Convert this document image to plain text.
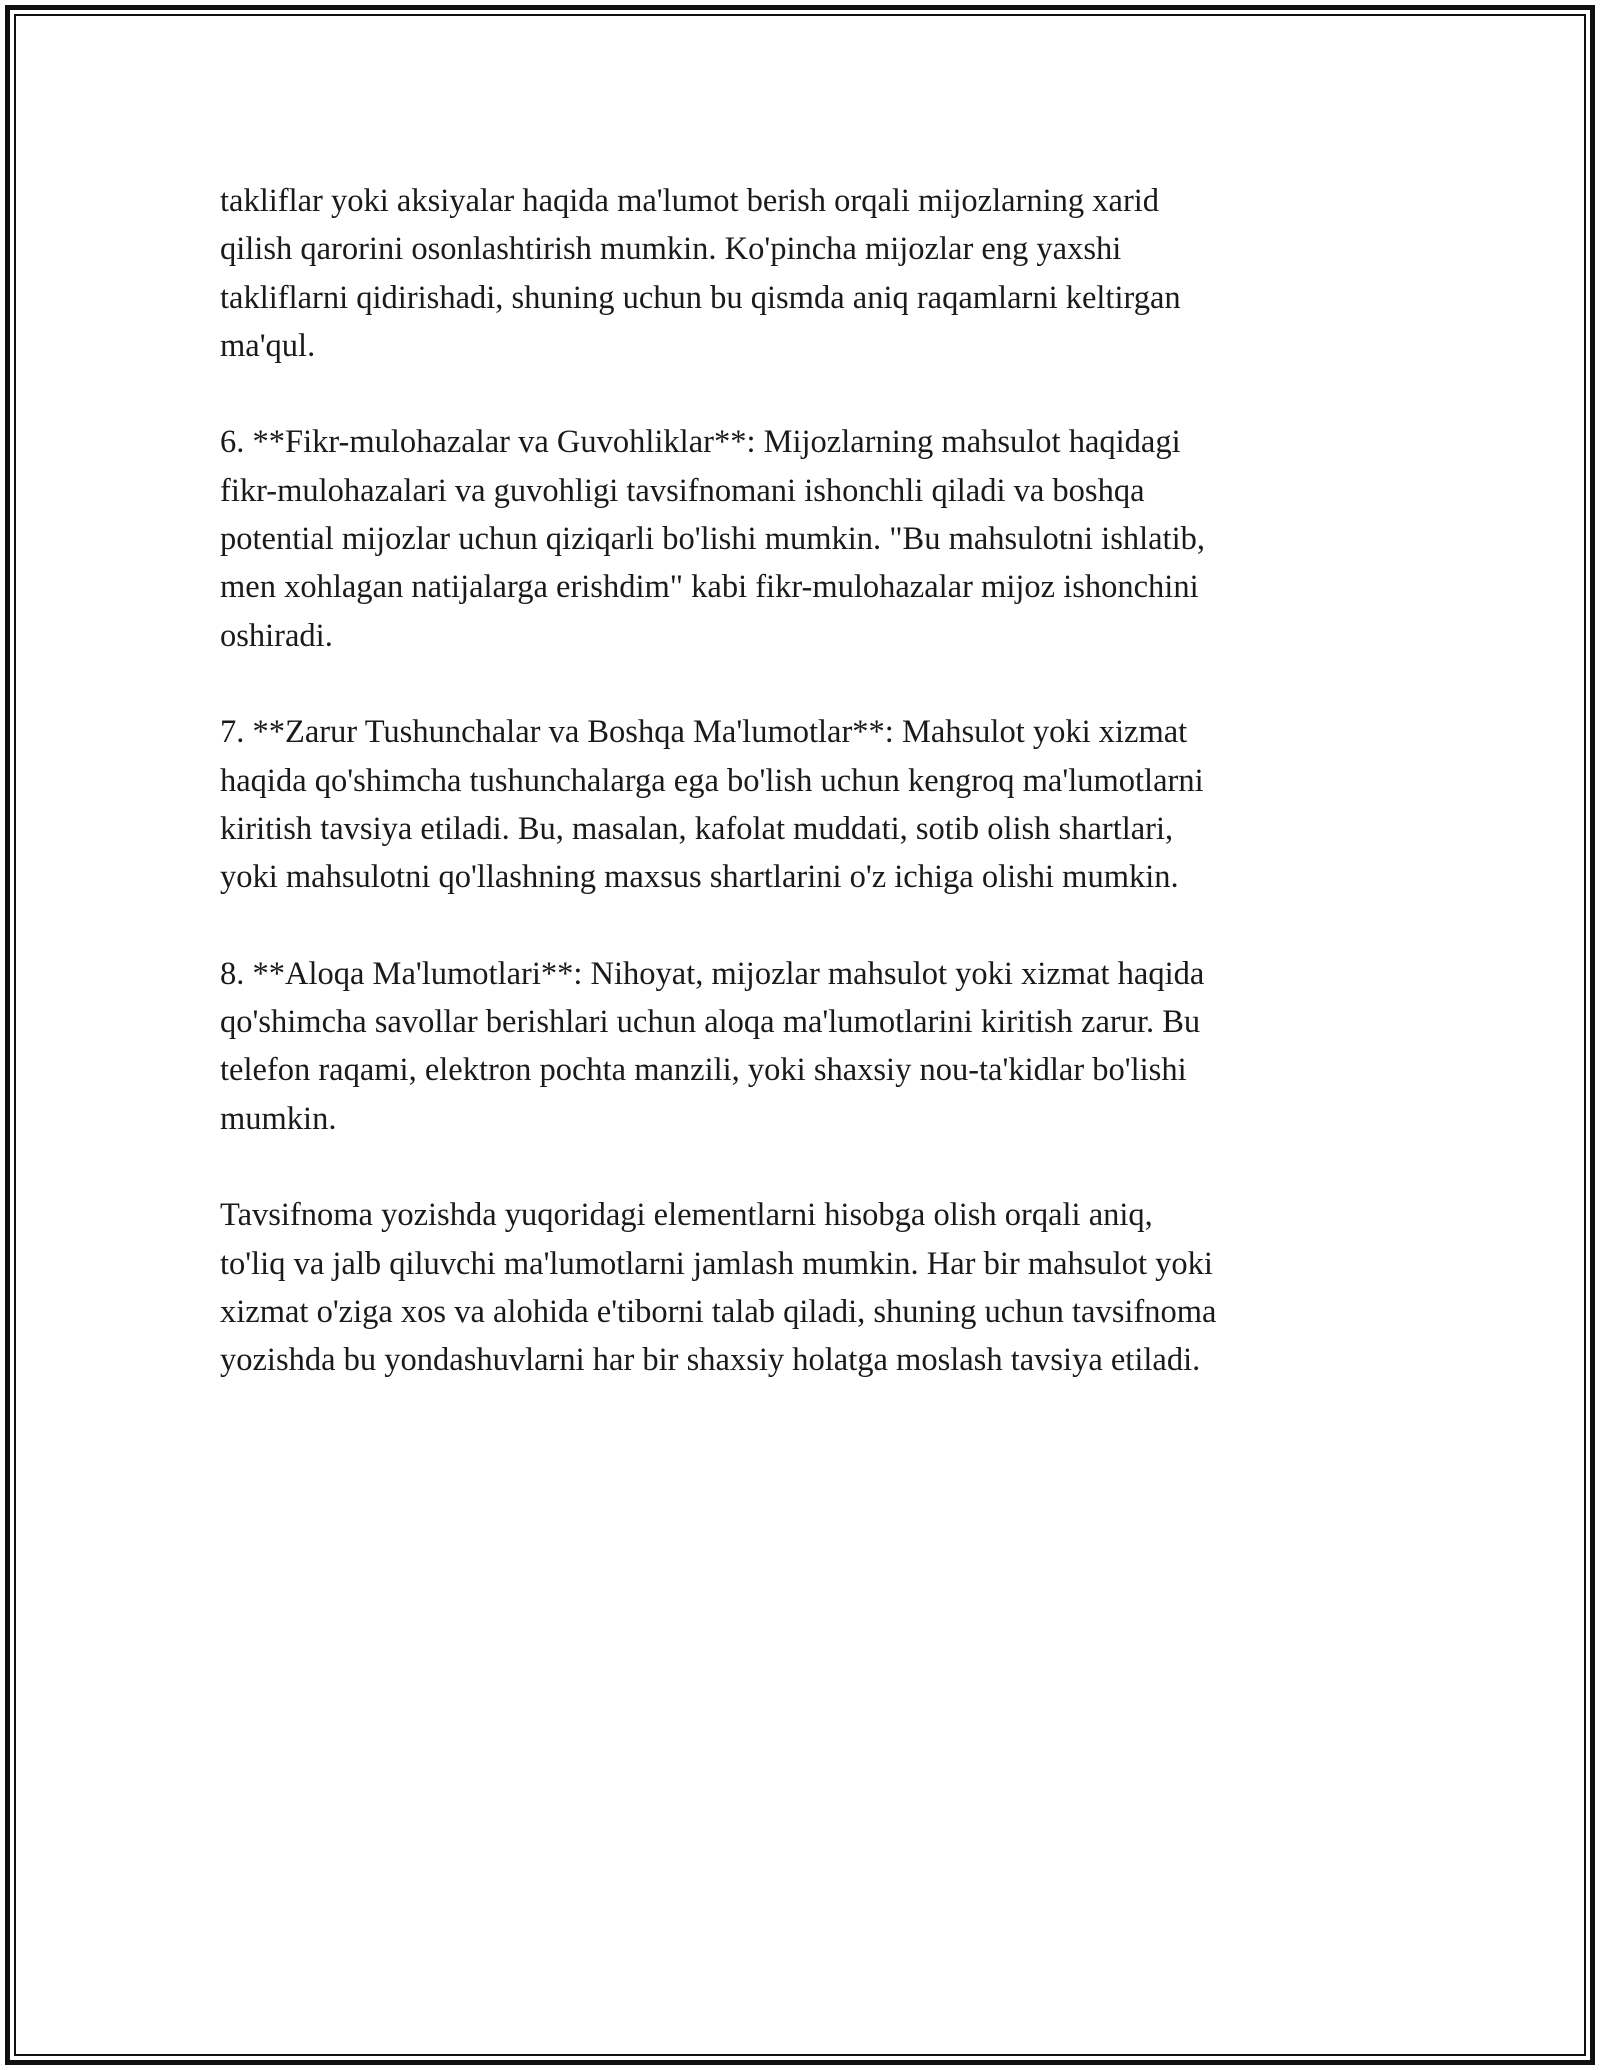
takliflar yoki aksiyalar haqida ma'lumot berish orqali mijozlarning xarid
qilish qarorini osonlashtirish mumkin. Ko'pincha mijozlar eng yaxshi
takliflarni qidirishadi, shuning uchun bu qismda aniq raqamlarni keltirgan
ma'qul.

6. **Fikr-mulohazalar va Guvohliklar**: Mijozlarning mahsulot haqidagi
fikr-mulohazalari va guvohligi tavsifnomani ishonchli qiladi va boshqa
potential mijozlar uchun qiziqarli bo'lishi mumkin. "Bu mahsulotni ishlatib,
men xohlagan natijalarga erishdim" kabi fikr-mulohazalar mijoz ishonchini
oshiradi.

7. **Zarur Tushunchalar va Boshqa Ma'lumotlar**: Mahsulot yoki xizmat
haqida qo'shimcha tushunchalarga ega bo'lish uchun kengroq ma'lumotlarni
kiritish tavsiya etiladi. Bu, masalan, kafolat muddati, sotib olish shartlari,
yoki mahsulotni qo'llashning maxsus shartlarini o'z ichiga olishi mumkin.

8. **Aloqa Ma'lumotlari**: Nihoyat, mijozlar mahsulot yoki xizmat haqida
qo'shimcha savollar berishlari uchun aloqa ma'lumotlarini kiritish zarur. Bu
telefon raqami, elektron pochta manzili, yoki shaxsiy nou-ta'kidlar bo'lishi
mumkin.

Tavsifnoma yozishda yuqoridagi elementlarni hisobga olish orqali aniq,
to'liq va jalb qiluvchi ma'lumotlarni jamlash mumkin. Har bir mahsulot yoki
xizmat o'ziga xos va alohida e'tiborni talab qiladi, shuning uchun tavsifnoma
yozishda bu yondashuvlarni har bir shaxsiy holatga moslash tavsiya etiladi.
